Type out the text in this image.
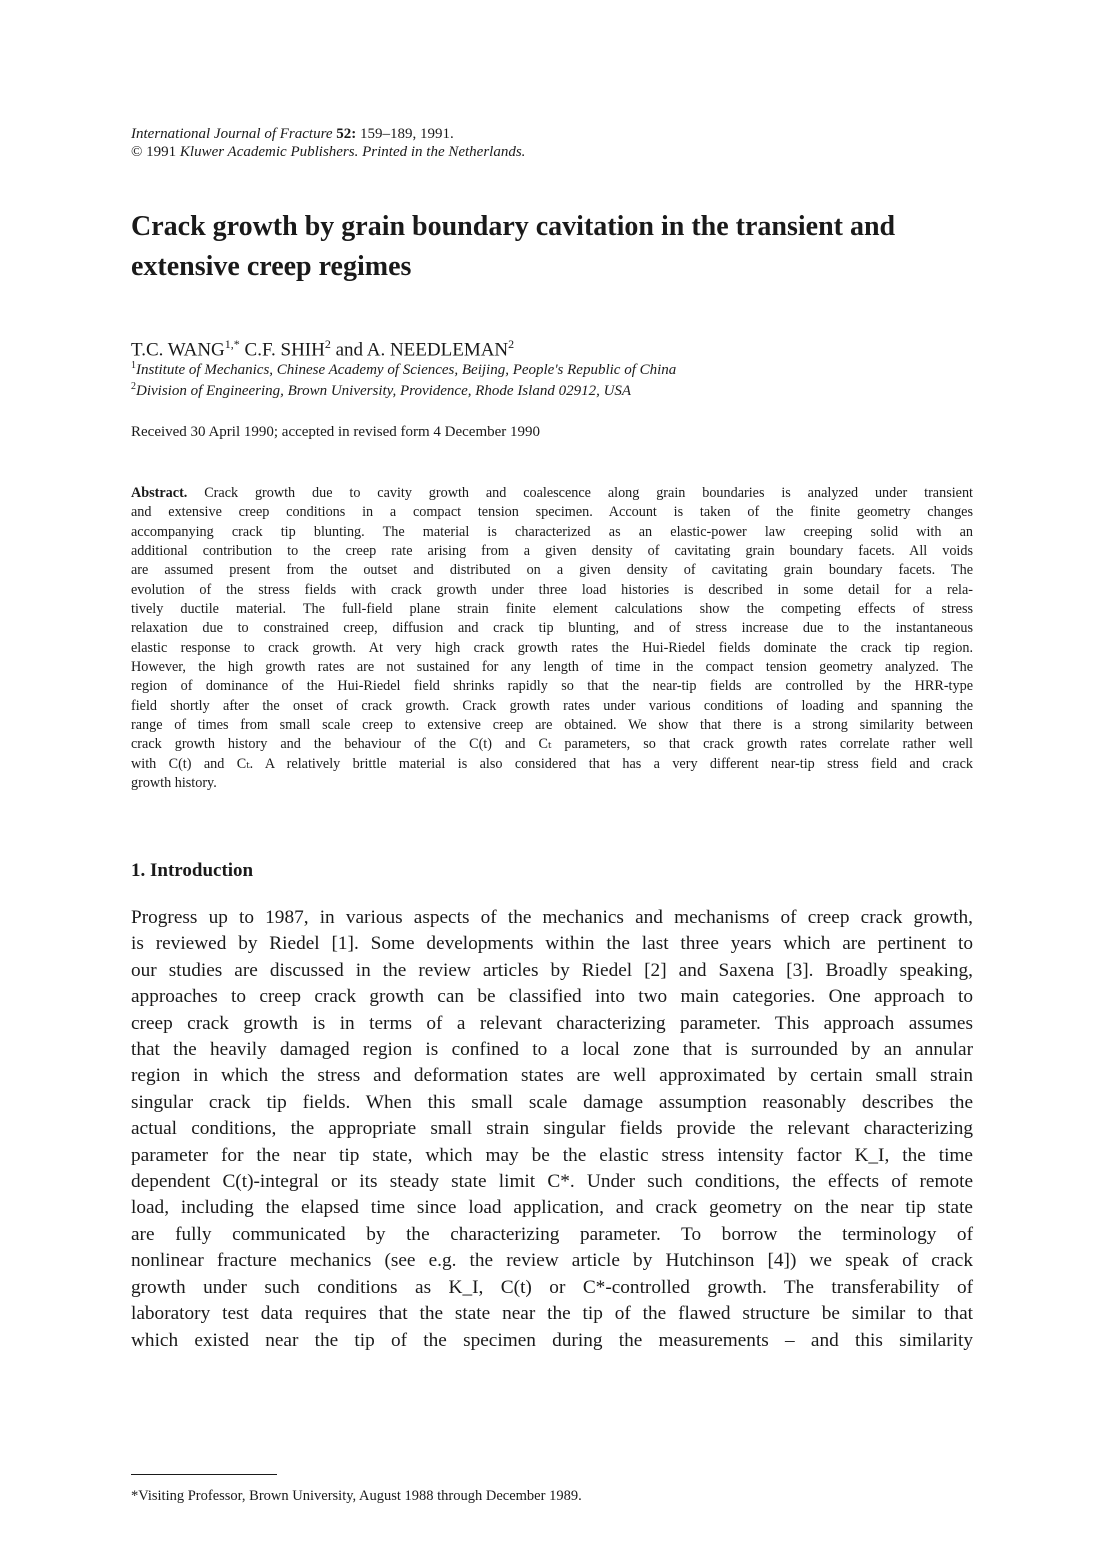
International Journal of Fracture 52: 159–189, 1991.
© 1991 Kluwer Academic Publishers. Printed in the Netherlands.
Crack growth by grain boundary cavitation in the transient and
extensive creep regimes
T.C. $WANG^{1,*}$ C.F. SHIH$^2$ and A. NEEDLEMAN$^2$
$^1$Institute of Mechanics, Chinese Academy of Sciences, Beijing, People's Republic of China
$^2$Division of Engineering, Brown University, Providence, Rhode Island 02912, USA
Received 30 April 1990; accepted in revised form 4 December 1990
Abstract. Crack growth due to cavity growth and coalescence along grain boundaries is analyzed under transient
and extensive creep conditions in a compact tension specimen. Account is taken of the finite geometry changes
accompanying crack tip blunting. The material is characterized as an elastic-power law creeping solid with an
additional contribution to the creep rate arising from a given density of cavitating grain boundary facets. All voids
are assumed present from the outset and distributed on a given density of cavitating grain boundary facets. The
evolution of the stress fields with crack growth under three load histories is described in some detail for a rela-
tively ductile material. The full-field plane strain finite element calculations show the competing effects of stress
relaxation due to constrained creep, diffusion and crack tip blunting, and of stress increase due to the instantaneous
elastic response to crack growth. At very high crack growth rates the Hui-Riedel fields dominate the crack tip region.
However, the high growth rates are not sustained for any length of time in the compact tension geometry analyzed. The
region of dominance of the Hui-Riedel field shrinks rapidly so that the near-tip fields are controlled by the HRR-type
field shortly after the onset of crack growth. Crack growth rates under various conditions of loading and spanning the
range of times from small scale creep to extensive creep are obtained. We show that there is a strong similarity between
crack growth history and the behaviour of the C(t) and Cₜ parameters, so that crack growth rates correlate rather well
with C(t) and Cₜ. A relatively brittle material is also considered that has a very different near-tip stress field and crack
growth history.
1. Introduction
Progress up to 1987, in various aspects of the mechanics and mechanisms of creep crack growth,
is reviewed by Riedel [1]. Some developments within the last three years which are pertinent to
our studies are discussed in the review articles by Riedel [2] and Saxena [3]. Broadly speaking,
approaches to creep crack growth can be classified into two main categories. One approach to
creep crack growth is in terms of a relevant characterizing parameter. This approach assumes
that the heavily damaged region is confined to a local zone that is surrounded by an annular
region in which the stress and deformation states are well approximated by certain small strain
singular crack tip fields. When this small scale damage assumption reasonably describes the
actual conditions, the appropriate small strain singular fields provide the relevant characterizing
parameter for the near tip state, which may be the elastic stress intensity factor K_I, the time
dependent C(t)-integral or its steady state limit C*. Under such conditions, the effects of remote
load, including the elapsed time since load application, and crack geometry on the near tip state
are fully communicated by the characterizing parameter. To borrow the terminology of
nonlinear fracture mechanics (see e.g. the review article by Hutchinson [4]) we speak of crack
growth under such conditions as K_I, C(t) or C*-controlled growth. The transferability of
laboratory test data requires that the state near the tip of the flawed structure be similar to that
which existed near the tip of the specimen during the measurements – and this similarity
*Visiting Professor, Brown University, August 1988 through December 1989.
